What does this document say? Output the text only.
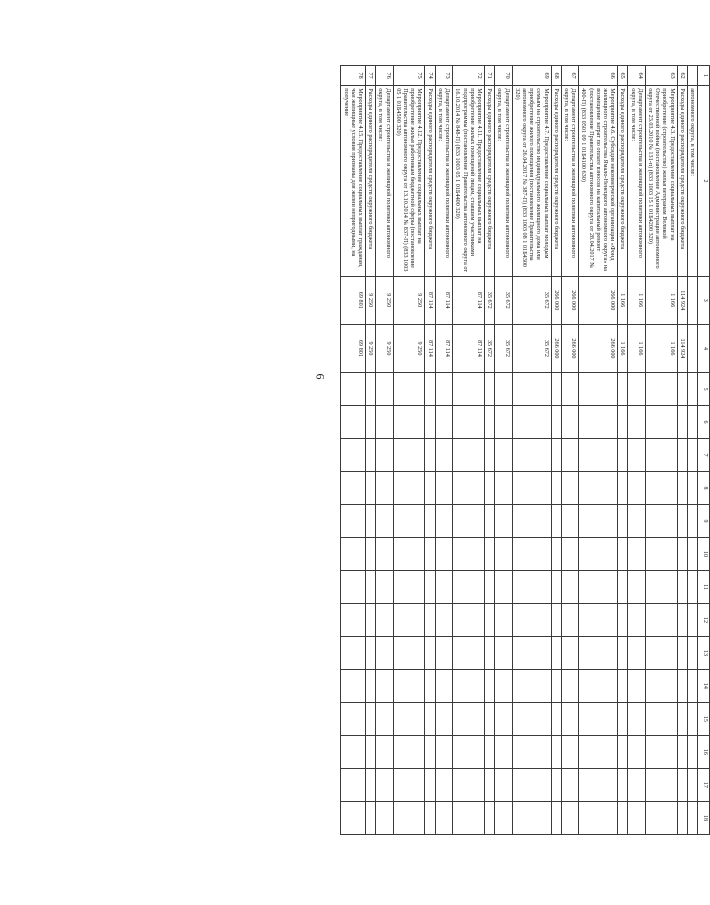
6
1	2	3	4	5	6	7	8	9	10	11	12	13	14	15	16	17	18
	автономного округа, в том числе:																
62	Расходы единого распорядителя средств окружного бюджета	114 924	114 924														
63	Мероприятие 4.3. Предоставление социальных выплат на приобретение (строительство) жилья ветеранам Великой Отечественной войны (постановление Администрации автономного округа от 23.03.2010 № 131-п) (833 1003 15 1 01Б4200 320)	1 166	1 166														
64	Департамент строительства и жилищной политики автономного округа, в том числе:	1 166	1 166														
65	Расходы единого распорядителя средств окружного бюджета	1 166	1 166														
66	Мероприятие 4.6. Субсидия некоммерческой организации «Фонд жилищного строительства Ямало-Ненецкого автономного округа» на возмещение затрат по оплате взносов на капитальный ремонт (постановление Правительства автономного округа от 28.04.2017 № 400-П) (833 0501 09 1 01Б4100 630)	266 000	266 000														
67	Департамент строительства и жилищной политики автономного округа, в том числе:	266 000	266 000														
68	Расходы единого распорядителя средств окружного бюджета	266 000	266 000														
69	Мероприятие 4.7. Предоставление социальных выплат молодым семьям на строительство индивидуального жилищного дома или приобретение жилого помещения (постановление Правительства автономного округа от 26.04.2017 № 387-П) (833 1003 08 1 01Б4300 320)	35 672	35 672														
70	Департамент строительства и жилищной политики автономного округа, в том числе:	35 672	35 672														
71	Расходы единого распорядителя средств окружного бюджета	35 672	35 672														
72	Мероприятие 4.11. Предоставление социальных выплат на приобретение жилых помещений лицам, ставшим участниками подпрограммы (постановление Правительства автономного округа от 16.10.2014 № 848-П) (833 1003 05 1 01Б4400 320)	87 114	87 114														
73	Департамент строительства и жилищной политики автономного округа, в том числе:	87 114	87 114														
74	Расходы единого распорядителя средств окружного бюджета	87 114	87 114														
75	Мероприятие 4.12. Предоставление социальных выплат на приобретение жилья работникам бюджетной сферы (постановление Правительства автономного округа от 13.10.2014 № 837-П) (833 1003 05 1 01Б4500 320)	9 250	9 250														
76	Департамент строительства и жилищной политики автономного округа, в том числе:	9 250	9 250														
77	Расходы единого распорядителя средств окружного бюджета	9 250	9 250														
78	Мероприятие 4.15. Предоставление социальных выплат гражданам, чьи жилищные условия признаны для жизни непригодными, на получение	69 801	69 801														
